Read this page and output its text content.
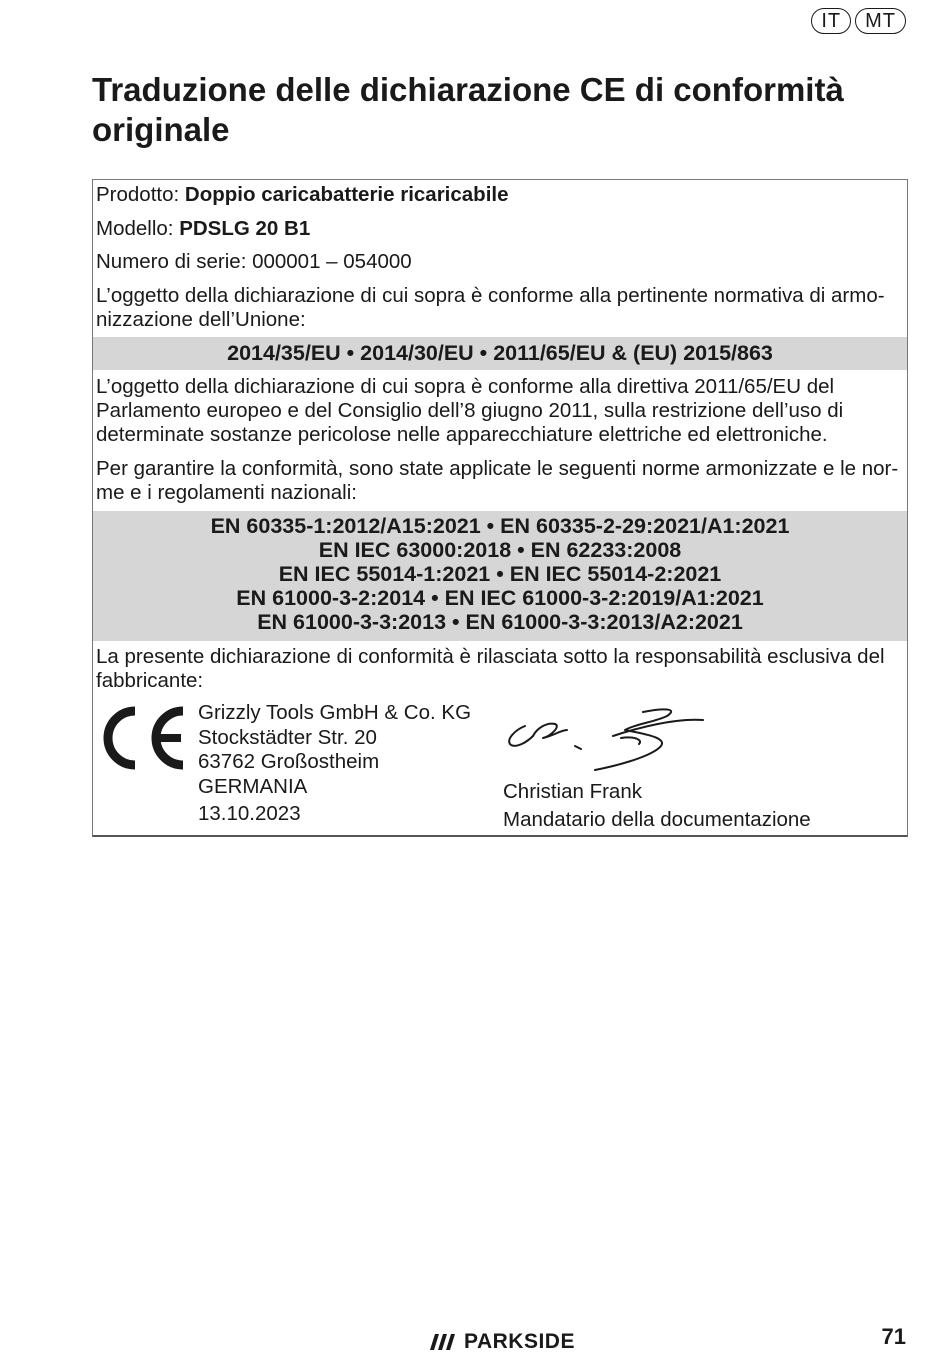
IT	MT
Traduzione delle dichiarazione CE di conformità originale
Prodotto: Doppio caricabatterie ricaricabile
Modello: PDSLG 20 B1
Numero di serie: 000001 – 054000
L’oggetto della dichiarazione di cui sopra è conforme alla pertinente normativa di armo-
nizzazione dell’Unione:
2014/35/EU • 2014/30/EU • 2011/65/EU & (EU) 2015/863
L’oggetto della dichiarazione di cui sopra è conforme alla direttiva 2011/65/EU del
Parlamento europeo e del Consiglio dell’8 giugno 2011, sulla restrizione dell’uso di
determinate sostanze pericolose nelle apparecchiature elettriche ed elettroniche.
Per garantire la conformità, sono state applicate le seguenti norme armonizzate e le nor-
me e i regolamenti nazionali:
EN 60335-1:2012/A15:2021 • EN 60335-2-29:2021/A1:2021
EN IEC 63000:2018 • EN 62233:2008
EN IEC 55014-1:2021 • EN IEC 55014-2:2021
EN 61000-3-2:2014 • EN IEC 61000-3-2:2019/A1:2021
EN 61000-3-3:2013 • EN 61000-3-3:2013/A2:2021
La presente dichiarazione di conformità è rilasciata sotto la responsabilità esclusiva del
fabbricante:
Grizzly Tools GmbH & Co. KG
Stockstädter Str. 20
63762 Großostheim
GERMANIA
13.10.2023
Christian Frank
Mandatario della documentazione
PARKSIDE	71
